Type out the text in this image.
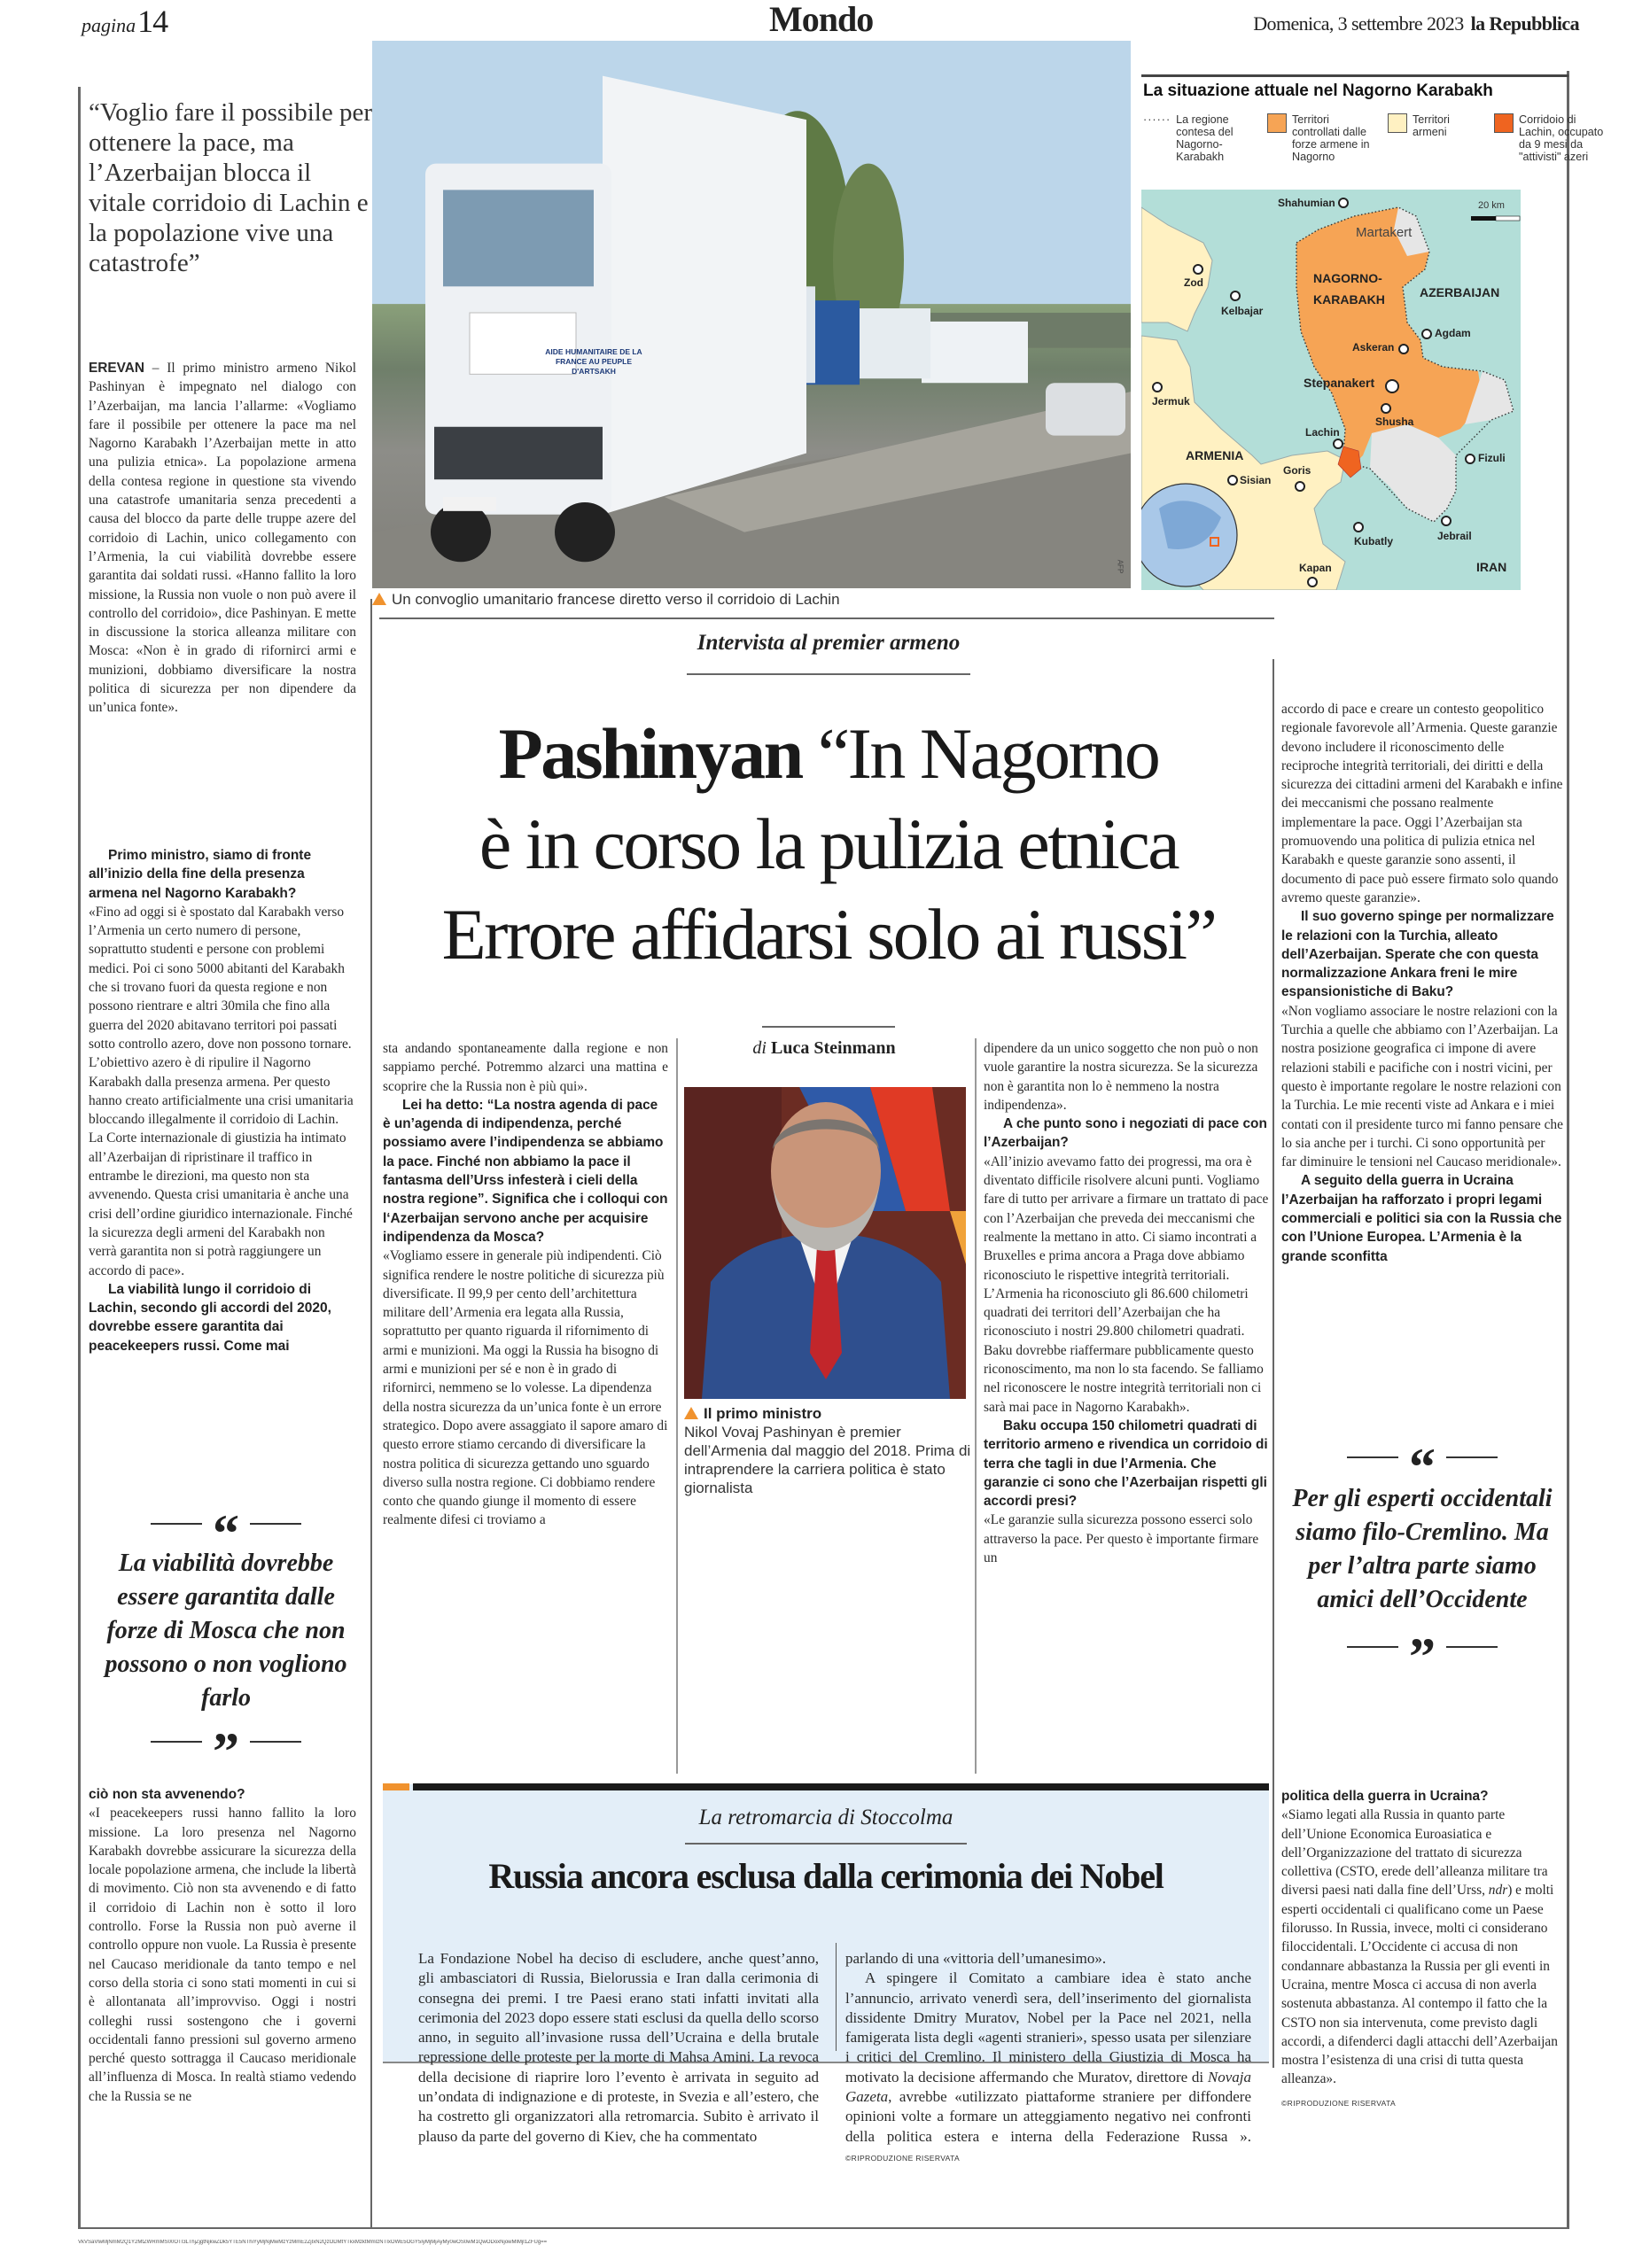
pagina14	Mondo	Domenica, 3 settembre 2023 la Repubblica
“Voglio fare il possibile per ottenere la pace, ma l’Azerbaijan blocca il vitale corridoio di Lachin e la popolazione vive una catastrofe”
EREVAN – Il primo ministro armeno Nikol Pashinyan è impegnato nel dialogo con l’Azerbaijan, ma lancia l’allarme: «Vogliamo fare il possibile per ottenere la pace ma nel Nagorno Karabakh l’Azerbaijan mette in atto una pulizia etnica». La popolazione armena della contesa regione in questione sta vivendo una catastrofe umanitaria senza precedenti a causa del blocco da parte delle truppe azere del corridoio di Lachin, unico collegamento con l’Armenia, la cui viabilità dovrebbe essere garantita dai soldati russi. «Hanno fallito la loro missione, la Russia non vuole o non può avere il controllo del corridoio», dice Pashinyan. E mette in discussione la storica alleanza militare con Mosca: «Non è in grado di rifornirci armi e munizioni, dobbiamo diversificare la nostra politica di sicurezza per non dipendere da un’unica fonte».
Primo ministro, siamo di fronte all’inizio della fine della presenza armena nel Nagorno Karabakh?
«Fino ad oggi si è spostato dal Karabakh verso l’Armenia un certo numero di persone, soprattutto studenti e persone con problemi medici. Poi ci sono 5000 abitanti del Karabakh che si trovano fuori da questa regione e non possono rientrare e altri 30mila che fino alla guerra del 2020 abitavano territori poi passati sotto controllo azero, dove non possono tornare. L’obiettivo azero è di ripulire il Nagorno Karabakh dalla presenza armena. Per questo hanno creato artificialmente una crisi umanitaria bloccando illegalmente il corridoio di Lachin. La Corte internazionale di giustizia ha intimato all’Azerbaijan di ripristinare il traffico in entrambe le direzioni, ma questo non sta avvenendo. Questa crisi umanitaria è anche una crisi dell’ordine giuridico internazionale. Finché la sicurezza degli armeni del Karabakh non verrà garantita non si potrà raggiungere un accordo di pace».
La viabilità lungo il corridoio di Lachin, secondo gli accordi del 2020, dovrebbe essere garantita dai peacekeepers russi. Come mai
“
La viabilità dovrebbe essere garantita dalle forze di Mosca che non possono o non vogliono farlo
”
ciò non sta avvenendo?
«I peacekeepers russi hanno fallito la loro missione. La loro presenza nel Nagorno Karabakh dovrebbe assicurare la sicurezza della locale popolazione armena, che include la libertà di movimento. Ciò non sta avvenendo e di fatto il corridoio di Lachin non è sotto il loro controllo. Forse la Russia non può averne il controllo oppure non vuole. La Russia è presente nel Caucaso meridionale da tanto tempo e nel corso della storia ci sono stati momenti in cui si è allontanata all’improvviso. Oggi i nostri colleghi russi sostengono che i governi occidentali fanno pressioni sul governo armeno perché questo sottragga il Caucaso meridionale all’influenza di Mosca. In realtà stiamo vedendo che la Russia se ne
AIDE HUMANITAIRE DE LA FRANCE AU PEUPLE D'ARTSAKH
AFP
Un convoglio umanitario francese diretto verso il corridoio di Lachin
La situazione attuale nel Nagorno Karabakh
······ La regione contesa del Nagorno-Karabakh
Territori controllati dalle forze armene in Nagorno
Territori armeni
Corridoio di Lachin, occupato da 9 mesi da "attivisti" azeri
Shahumian
Martakert
Zod
Kelbajar
NAGORNO-
KARABAKH	AZERBAIJAN
Agdam
Askeran
Jermuk
Stepanakert
Shusha
Lachin
ARMENIA
Sisian
Goris
Fizuli
Kubatly	Jebrail
Kapan	IRAN
20 km
Intervista al premier armeno
Pashinyan “In Nagorno
è in corso la pulizia etnica
Errore affidarsi solo ai russi”
di Luca Steinmann
sta andando spontaneamente dalla regione e non sappiamo perché. Potremmo alzarci una mattina e scoprire che la Russia non è più qui».
Lei ha detto: “La nostra agenda di pace è un’agenda di indipendenza, perché possiamo avere l’indipendenza se abbiamo la pace. Finché non abbiamo la pace il fantasma dell’Urss infesterà i cieli della nostra regione”. Significa che i colloqui con l‘Azerbaijan servono anche per acquisire indipendenza da Mosca?
«Vogliamo essere in generale più indipendenti. Ciò significa rendere le nostre politiche di sicurezza più diversificate. Il 99,9 per cento dell’architettura militare dell’Armenia era legata alla Russia, soprattutto per quanto riguarda il rifornimento di armi e munizioni. Ma oggi la Russia ha bisogno di armi e munizioni per sé e non è in grado di rifornirci, nemmeno se lo volesse. La dipendenza della nostra sicurezza da un’unica fonte è un errore strategico. Dopo avere assaggiato il sapore amaro di questo errore stiamo cercando di diversificare la nostra politica di sicurezza gettando uno sguardo diverso sulla nostra regione. Ci dobbiamo rendere conto che quando giunge il momento di essere realmente difesi ci troviamo a
Il primo ministro
Nikol Vovaj Pashinyan è premier dell’Armenia dal maggio del 2018. Prima di intraprendere la carriera politica è stato giornalista
dipendere da un unico soggetto che non può o non vuole garantire la nostra sicurezza. Se la sicurezza non è garantita non lo è nemmeno la nostra indipendenza».
A che punto sono i negoziati di pace con l’Azerbaijan?
«All’inizio avevamo fatto dei progressi, ma ora è diventato difficile risolvere alcuni punti. Vogliamo fare di tutto per arrivare a firmare un trattato di pace con l’Azerbaijan che preveda dei meccanismi che realmente la mettano in atto. Ci siamo incontrati a Bruxelles e prima ancora a Praga dove abbiamo riconosciuto le rispettive integrità territoriali. L’Armenia ha riconosciuto gli 86.600 chilometri quadrati dei territori dell’Azerbaijan che ha riconosciuto i nostri 29.800 chilometri quadrati. Baku dovrebbe riaffermare pubblicamente questo riconoscimento, ma non lo sta facendo. Se falliamo nel riconoscere le nostre integrità territoriali non ci sarà mai pace in Nagorno Karabakh».
Baku occupa 150 chilometri quadrati di territorio armeno e rivendica un corridoio di terra che tagli in due l’Armenia. Che garanzie ci sono che l’Azerbaijan rispetti gli accordi presi?
«Le garanzie sulla sicurezza possono esserci solo attraverso la pace. Per questo è importante firmare un
accordo di pace e creare un contesto geopolitico regionale favorevole all’Armenia. Queste garanzie devono includere il riconoscimento delle reciproche integrità territoriali, dei diritti e della sicurezza dei cittadini armeni del Karabakh e infine dei meccanismi che possano realmente implementare la pace. Oggi l’Azerbaijan sta promuovendo una politica di pulizia etnica nel Karabakh e queste garanzie sono assenti, il documento di pace può essere firmato solo quando avremo queste garanzie».
Il suo governo spinge per normalizzare le relazioni con la Turchia, alleato dell’Azerbaijan. Sperate che con questa normalizzazione Ankara freni le mire espansionistiche di Baku?
«Non vogliamo associare le nostre relazioni con la Turchia a quelle che abbiamo con l’Azerbaijan. La nostra posizione geografica ci impone di avere relazioni stabili e pacifiche con i nostri vicini, per questo è importante regolare le nostre relazioni con la Turchia. Le mie recenti viste ad Ankara e i miei contati con il presidente turco mi fanno pensare che lo sia anche per i turchi. Ci sono opportunità per far diminuire le tensioni nel Caucaso meridionale».
A seguito della guerra in Ucraina l’Azerbaijan ha rafforzato i propri legami commerciali e politici sia con la Russia che con l’Unione Europea. L’Armenia è la grande sconfitta
“
Per gli esperti occidentali siamo filo-Cremlino. Ma per l’altra parte siamo amici dell’Occidente
”
politica della guerra in Ucraina?
«Siamo legati alla Russia in quanto parte dell’Unione Economica Euroasiatica e dell’Organizzazione del trattato di sicurezza collettiva (CSTO, erede dell’alleanza militare tra diversi paesi nati dalla fine dell’Urss, ndr) e molti esperti occidentali ci qualificano come un Paese filorusso. In Russia, invece, molti ci considerano filoccidentali. L’Occidente ci accusa di non condannare abbastanza la Russia per gli eventi in Ucraina, mentre Mosca ci accusa di non averla sostenuta abbastanza. Al contempo il fatto che la CSTO non sia intervenuta, come previsto dagli accordi, a difenderci dagli attacchi dell’Azerbaijan mostra l’esistenza di una crisi di tutta questa alleanza».
©RIPRODUZIONE RISERVATA
La retromarcia di Stoccolma
Russia ancora esclusa dalla cerimonia dei Nobel
La Fondazione Nobel ha deciso di escludere, anche quest’anno, gli ambasciatori di Russia, Bielorussia e Iran dalla cerimonia di consegna dei premi. I tre Paesi erano stati infatti invitati alla cerimonia del 2023 dopo essere stati esclusi da quella dello scorso anno, in seguito all’invasione russa dell’Ucraina e della brutale repressione delle proteste per la morte di Mahsa Amini. La revoca della decisione di riaprire loro l’evento è arrivata in seguito ad un’ondata di indignazione e di proteste, in Svezia e all’estero, che ha costretto gli organizzatori alla retromarcia. Subito è arrivato il plauso da parte del governo di Kiev, che ha commentato
parlando di una «vittoria dell’umanesimo».
A spingere il Comitato a cambiare idea è stato anche l’annuncio, arrivato venerdì sera, dell’inserimento del giornalista dissidente Dmitry Muratov, Nobel per la Pace nel 2021, nella famigerata lista degli «agenti stranieri», spesso usata per silenziare i critici del Cremlino. Il ministero della Giustizia di Mosca ha motivato la decisione affermando che Muratov, direttore di Novaja Gazeta, avrebbe «utilizzato piattaforme straniere per diffondere opinioni volte a formare un atteggiamento negativo nei confronti della politica estera e interna della Federazione Russa ». ©RIPRODUZIONE RISERVATA
VkVSaVlwMjNmM2Q1Y2MtZWRmMS00OTI3LThjZjgtNjkwZDk5YTE5NThiYyMjNjMwMzYzMmE2ZjIxN2QzODMtYTkxMzktMmIzNTIxOWE5OGY5IyMjMjAyMy0wOS0wM1QwODoxNjowMlMjI1ZFUg==
